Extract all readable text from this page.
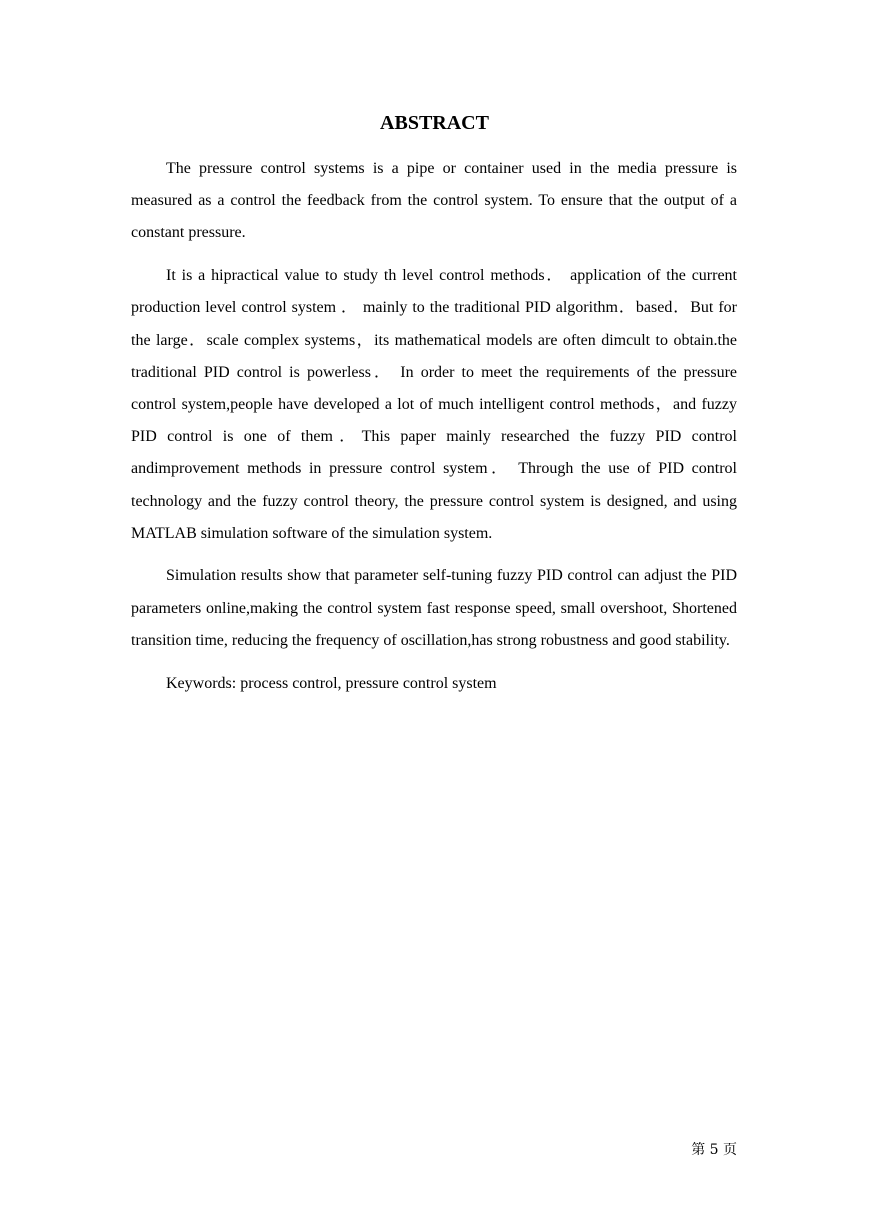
ABSTRACT

The pressure control systems is a pipe or container used in the media pressure is measured as a control the feedback from the control system. To ensure that the output of a constant pressure.

It is a hipractical value to study th level control methods． application of the current production level control system ． mainly to the traditional PID algorithm．based．But for the large．scale complex systems，its mathematical models are often dimcult to obtain.the traditional PID control is powerless． In order to meet the requirements of the pressure control system,people have developed a lot of much intelligent control methods，and fuzzy PID control is one of them．This paper mainly researched the fuzzy PID control andimprovement methods in pressure control system． Through the use of PID control technology and the fuzzy control theory, the pressure control system is designed, and using MATLAB simulation software of the simulation system.

Simulation results show that parameter self-tuning fuzzy PID control can adjust the PID parameters online,making the control system fast response speed, small overshoot, Shortened transition time, reducing the frequency of oscillation,has strong robustness and good stability.

Keywords: process control, pressure control system

第 5 页
